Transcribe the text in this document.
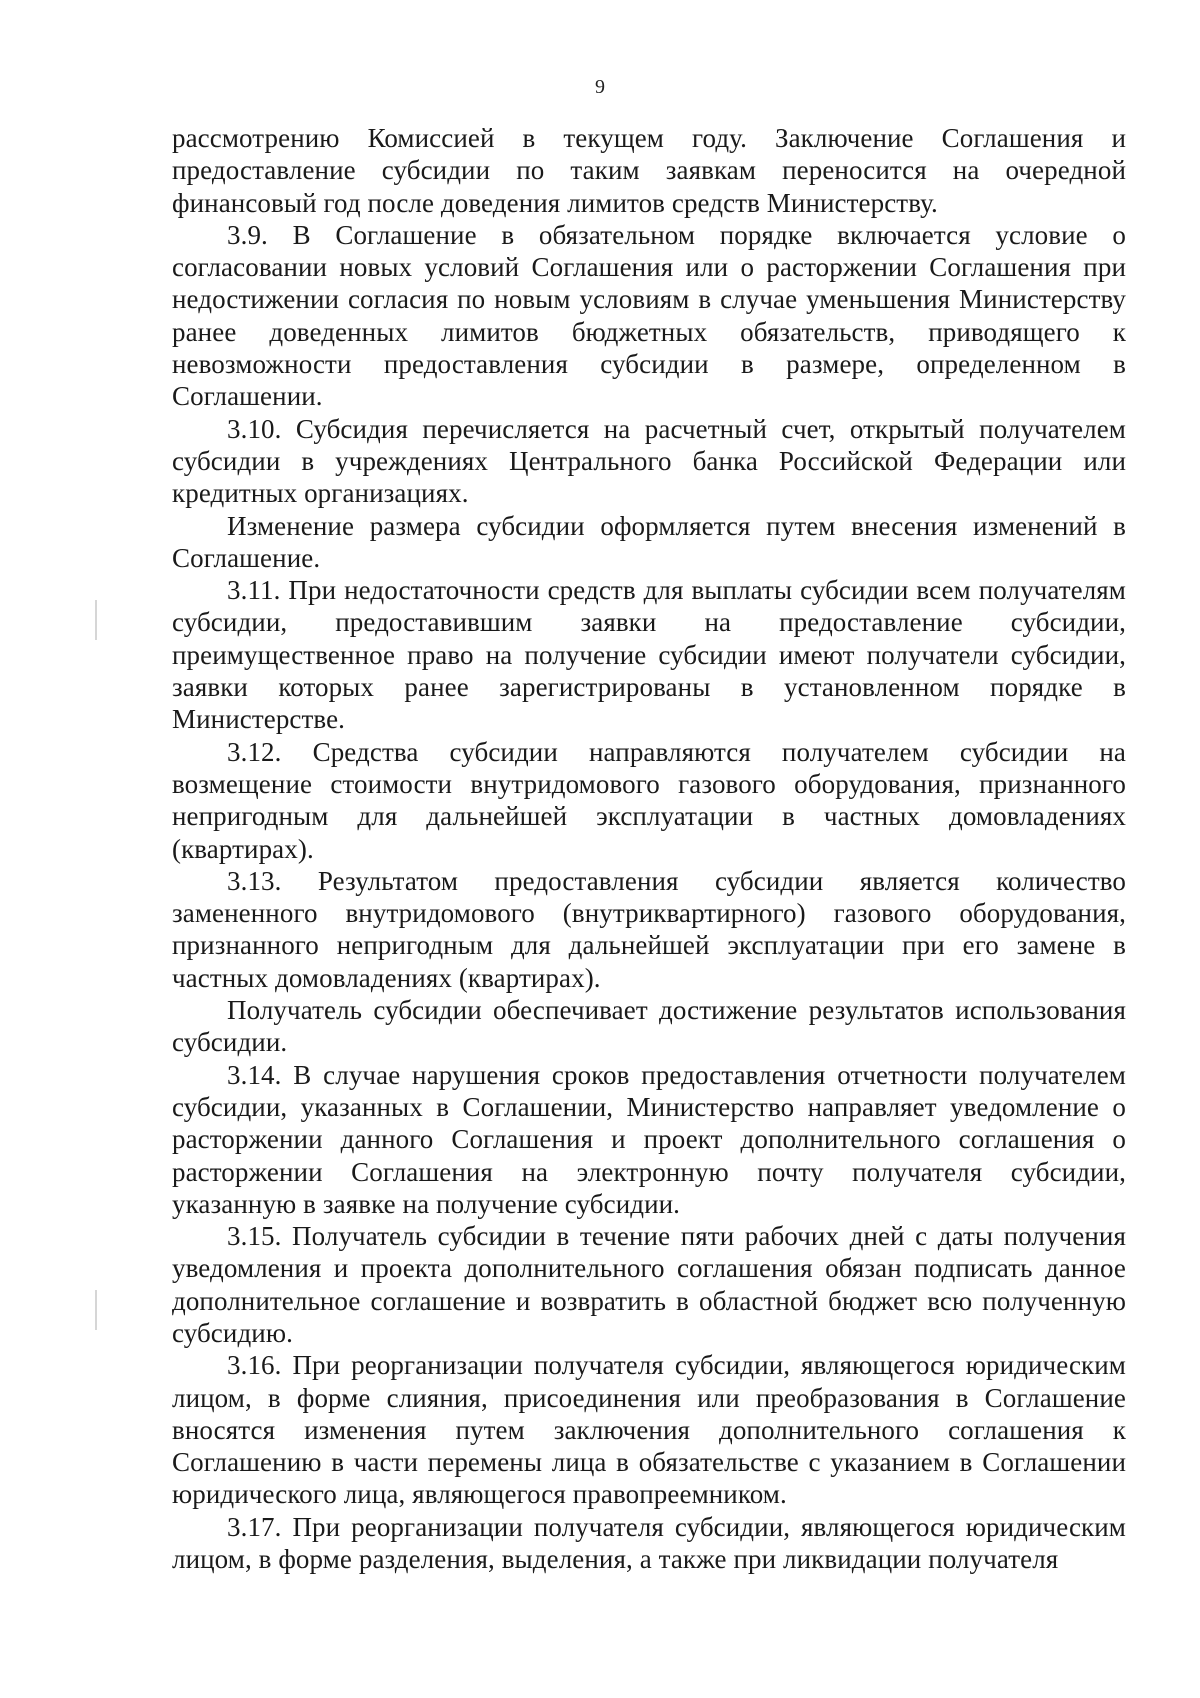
9

рассмотрению Комиссией в текущем году. Заключение Соглашения и предоставление субсидии по таким заявкам переносится на очередной финансовый год после доведения лимитов средств Министерству.

3.9. В Соглашение в обязательном порядке включается условие о согласовании новых условий Соглашения или о расторжении Соглашения при недостижении согласия по новым условиям в случае уменьшения Министерству ранее доведенных лимитов бюджетных обязательств, приводящего к невозможности предоставления субсидии в размере, определенном в Соглашении.

3.10. Субсидия перечисляется на расчетный счет, открытый получателем субсидии в учреждениях Центрального банка Российской Федерации или кредитных организациях.

Изменение размера субсидии оформляется путем внесения изменений в Соглашение.

3.11. При недостаточности средств для выплаты субсидии всем получателям субсидии, предоставившим заявки на предоставление субсидии, преимущественное право на получение субсидии имеют получатели субсидии, заявки которых ранее зарегистрированы в установленном порядке в Министерстве.

3.12. Средства субсидии направляются получателем субсидии на возмещение стоимости внутридомового газового оборудования, признанного непригодным для дальнейшей эксплуатации в частных домовладениях (квартирах).

3.13. Результатом предоставления субсидии является количество замененного внутридомового (внутриквартирного) газового оборудования, признанного непригодным для дальнейшей эксплуатации при его замене в частных домовладениях (квартирах).

Получатель субсидии обеспечивает достижение результатов использования субсидии.

3.14. В случае нарушения сроков предоставления отчетности получателем субсидии, указанных в Соглашении, Министерство направляет уведомление о расторжении данного Соглашения и проект дополнительного соглашения о расторжении Соглашения на электронную почту получателя субсидии, указанную в заявке на получение субсидии.

3.15. Получатель субсидии в течение пяти рабочих дней с даты получения уведомления и проекта дополнительного соглашения обязан подписать данное дополнительное соглашение и возвратить в областной бюджет всю полученную субсидию.

3.16. При реорганизации получателя субсидии, являющегося юридическим лицом, в форме слияния, присоединения или преобразования в Соглашение вносятся изменения путем заключения дополнительного соглашения к Соглашению в части перемены лица в обязательстве с указанием в Соглашении юридического лица, являющегося правопреемником.

3.17. При реорганизации получателя субсидии, являющегося юридическим лицом, в форме разделения, выделения, а также при ликвидации получателя
